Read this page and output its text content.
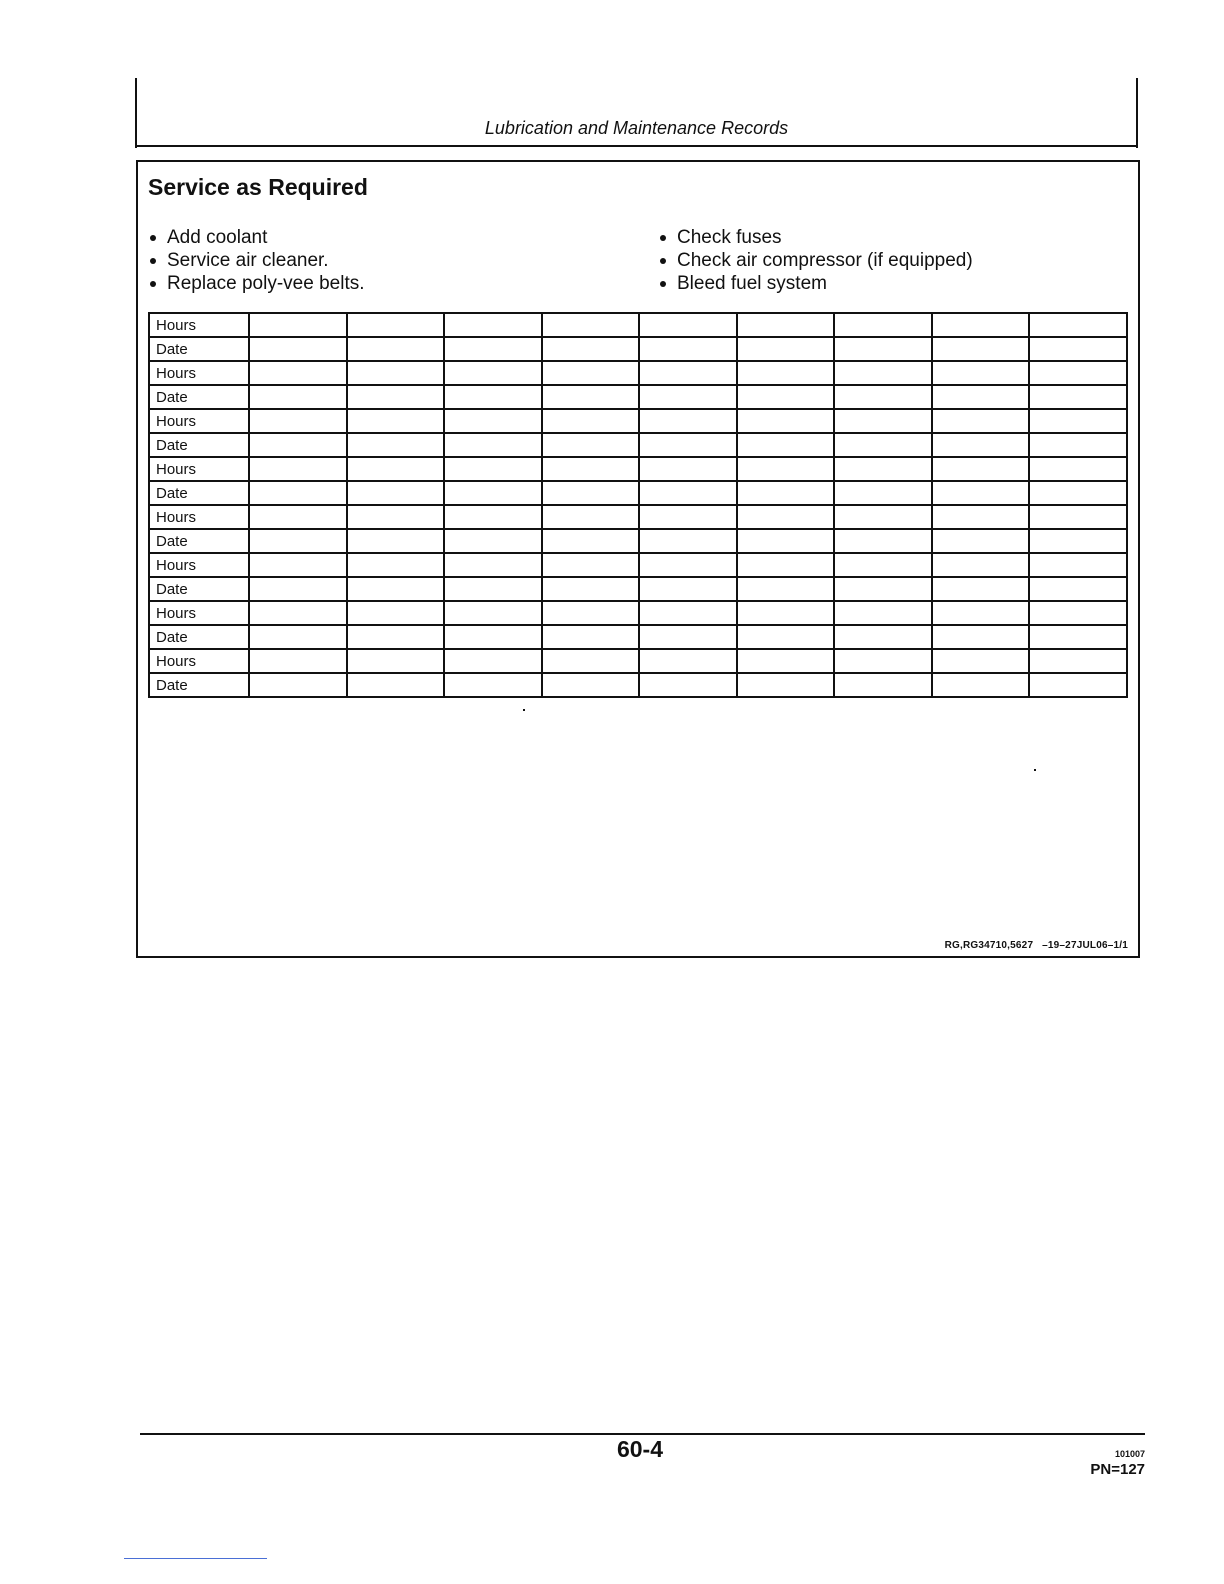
Lubrication and Maintenance Records
Service as Required
Add coolant
Service air cleaner.
Replace poly-vee belts.
Check fuses
Check air compressor (if equipped)
Bleed fuel system
Hours									
Date									
Hours									
Date									
Hours									
Date									
Hours									
Date									
Hours									
Date									
Hours									
Date									
Hours									
Date									
Hours									
Date									
RG,RG34710,5627   –19–27JUL06–1/1
60-4	101007
PN=127
